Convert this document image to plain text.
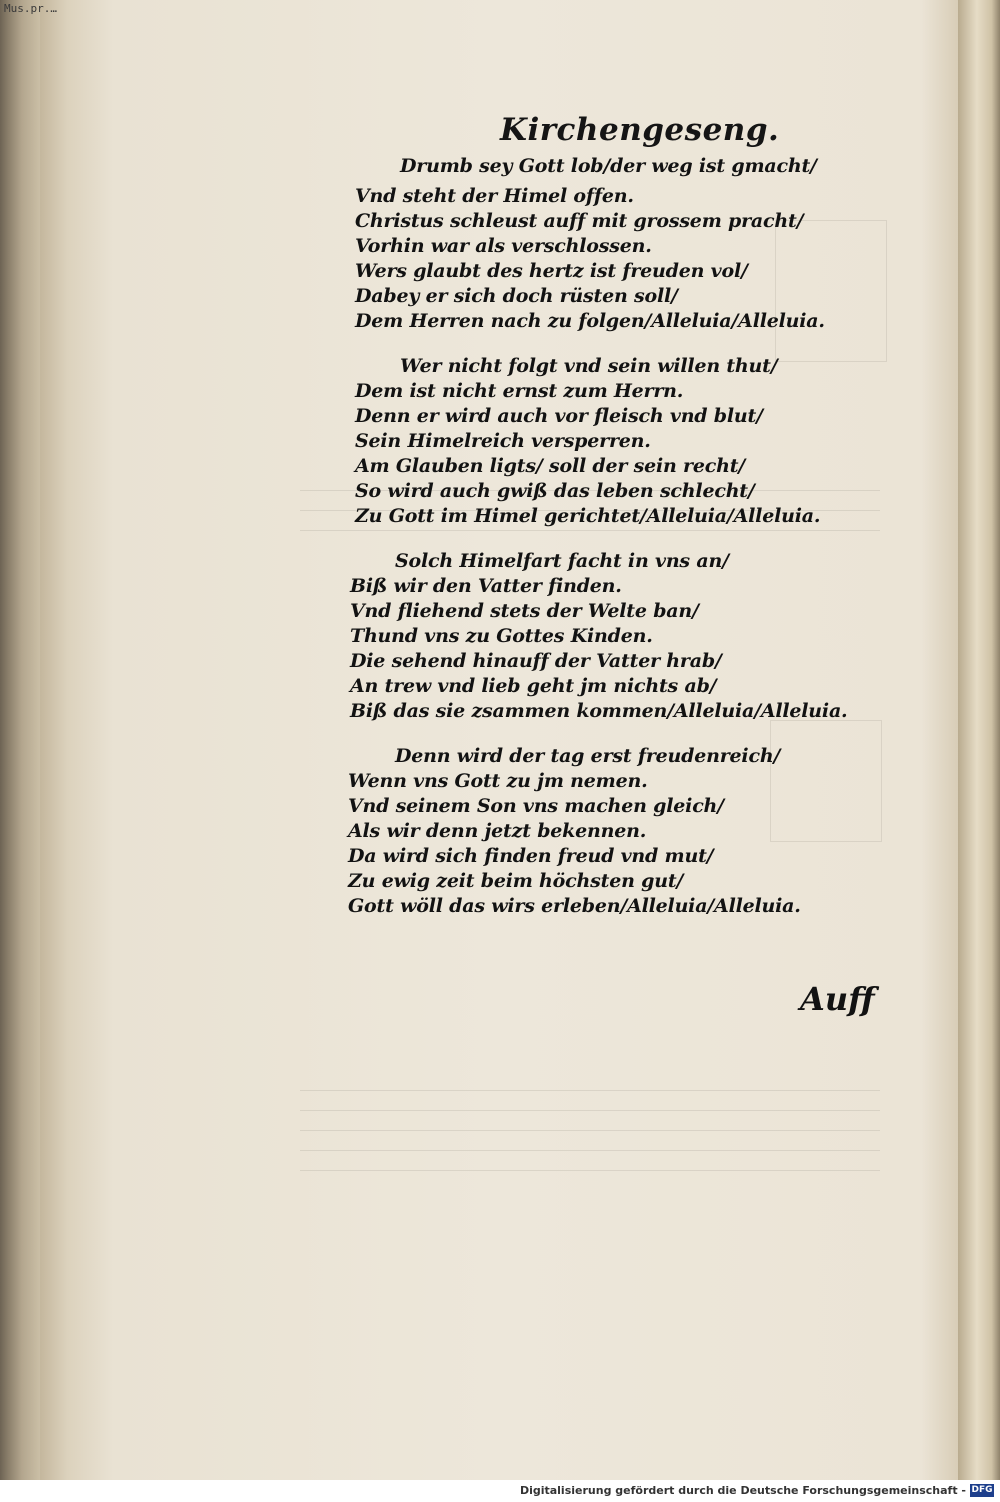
Mus.pr.…
Kirchengeseng.
Drumb sey Gott lob/der weg ist gmacht/
Vnd steht der Himel offen.
Christus schleust auff mit grossem pracht/
Vorhin war als verschlossen.
Wers glaubt des hertz ist freuden vol/
Dabey er sich doch rüsten soll/
Dem Herren nach zu folgen/Alleluia/Alleluia.
Wer nicht folgt vnd sein willen thut/
Dem ist nicht ernst zum Herrn.
Denn er wird auch vor fleisch vnd blut/
Sein Himelreich versperren.
Am Glauben ligts/ soll der sein recht/
So wird auch gwiß das leben schlecht/
Zu Gott im Himel gerichtet/Alleluia/Alleluia.
Solch Himelfart facht in vns an/
Biß wir den Vatter finden.
Vnd fliehend stets der Welte ban/
Thund vns zu Gottes Kinden.
Die sehend hinauff der Vatter hrab/
An trew vnd lieb geht jm nichts ab/
Biß das sie zsammen kommen/Alleluia/Alleluia.
Denn wird der tag erst freudenreich/
Wenn vns Gott zu jm nemen.
Vnd seinem Son vns machen gleich/
Als wir denn jetzt bekennen.
Da wird sich finden freud vnd mut/
Zu ewig zeit beim höchsten gut/
Gott wöll das wirs erleben/Alleluia/Alleluia.
Auff
Digitalisierung gefördert durch die Deutsche Forschungsgemeinschaft - DFG
